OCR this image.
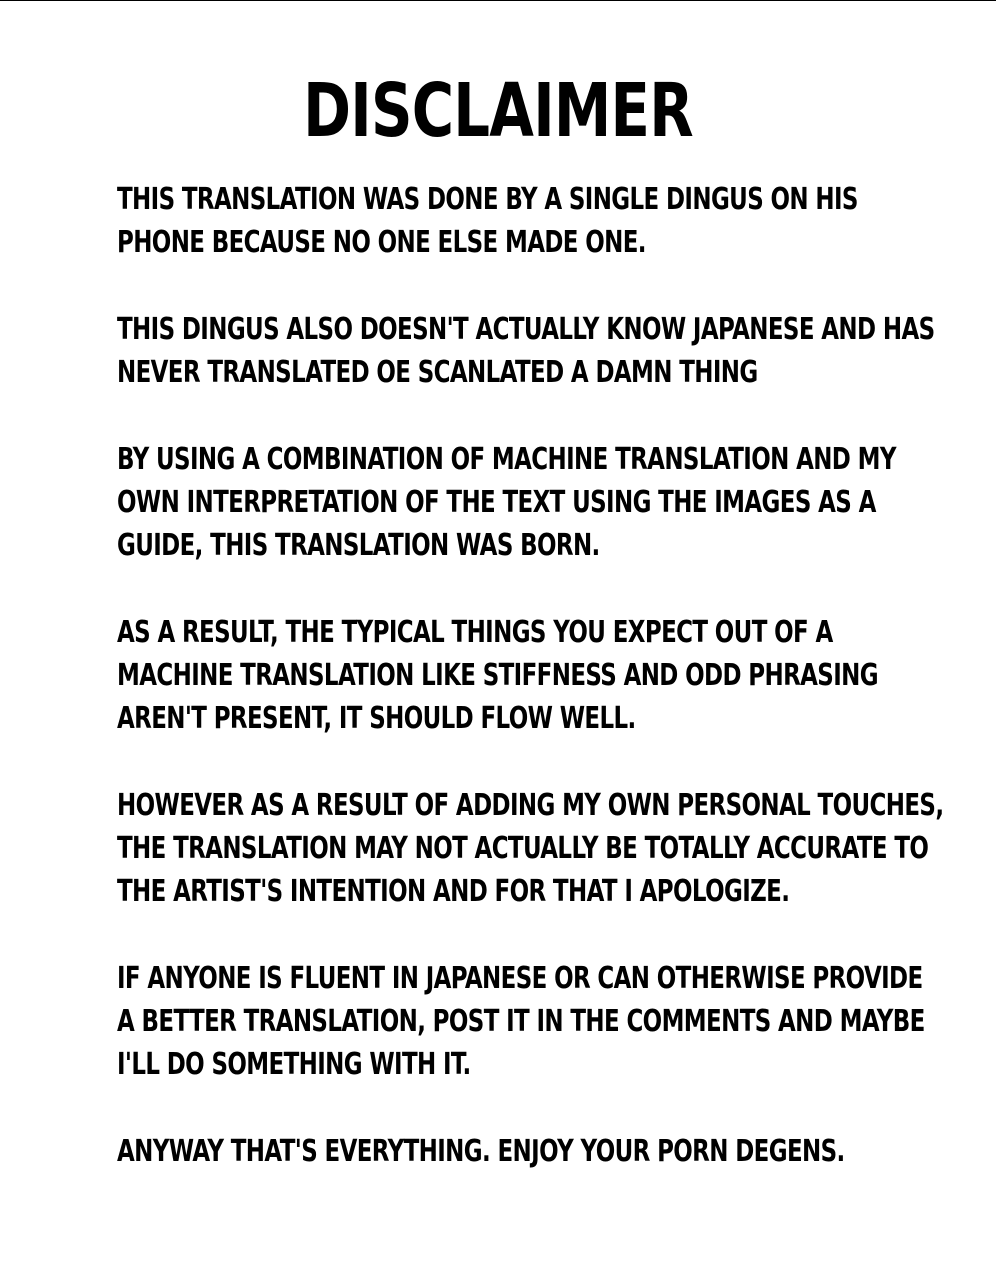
DISCLAIMER

THIS TRANSLATION WAS DONE BY A SINGLE DINGUS ON HIS
PHONE BECAUSE NO ONE ELSE MADE ONE.

THIS DINGUS ALSO DOESN'T ACTUALLY KNOW JAPANESE AND HAS
NEVER TRANSLATED OE SCANLATED A DAMN THING

BY USING A COMBINATION OF MACHINE TRANSLATION AND MY
OWN INTERPRETATION OF THE TEXT USING THE IMAGES AS A
GUIDE, THIS TRANSLATION WAS BORN.

AS A RESULT, THE TYPICAL THINGS YOU EXPECT OUT OF A
MACHINE TRANSLATION LIKE STIFFNESS AND ODD PHRASING
AREN'T PRESENT, IT SHOULD FLOW WELL.

HOWEVER AS A RESULT OF ADDING MY OWN PERSONAL TOUCHES,
THE TRANSLATION MAY NOT ACTUALLY BE TOTALLY ACCURATE TO
THE ARTIST'S INTENTION AND FOR THAT I APOLOGIZE.

IF ANYONE IS FLUENT IN JAPANESE OR CAN OTHERWISE PROVIDE
A BETTER TRANSLATION, POST IT IN THE COMMENTS AND MAYBE
I'LL DO SOMETHING WITH IT.

ANYWAY THAT'S EVERYTHING. ENJOY YOUR PORN DEGENS.
